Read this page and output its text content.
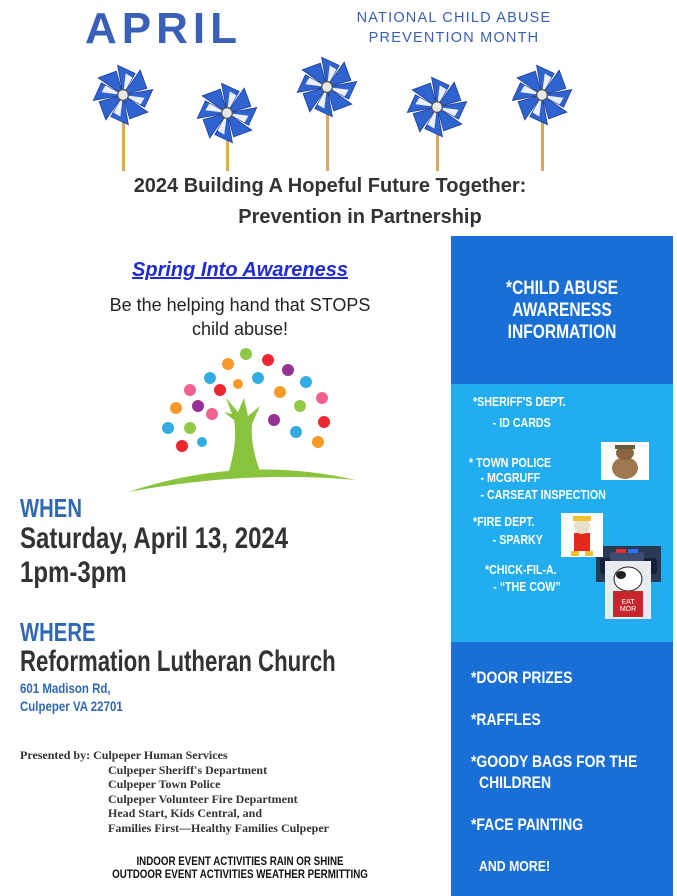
APRIL	NATIONAL CHILD ABUSE
PREVENTION MONTH
2024 Building A Hopeful Future Together:
Prevention in Partnership
Spring Into Awareness
Be the helping hand that STOPS
child abuse!
WHEN
Saturday, April 13, 2024
1pm-3pm
WHERE
Reformation Lutheran Church
601 Madison Rd,
Culpeper VA 22701
Presented by: Culpeper Human Services
Culpeper Sheriff's Department
Culpeper Town Police
Culpeper Volunteer Fire Department
Head Start, Kids Central, and
Families First—Healthy Families Culpeper
INDOOR EVENT ACTIVITIES RAIN OR SHINE
OUTDOOR EVENT ACTIVITIES WEATHER PERMITTING
*CHILD ABUSE
AWARENESS
INFORMATION
*SHERIFF'S DEPT.
- ID CARDS
* TOWN POLICE
- MCGRUFF
- CARSEAT INSPECTION
*FIRE DEPT.
- SPARKY
*CHICK-FIL-A.
- “THE COW”
EAT MOR
*DOOR PRIZES
*RAFFLES
*GOODY BAGS FOR THE
CHILDREN
*FACE PAINTING
AND MORE!
